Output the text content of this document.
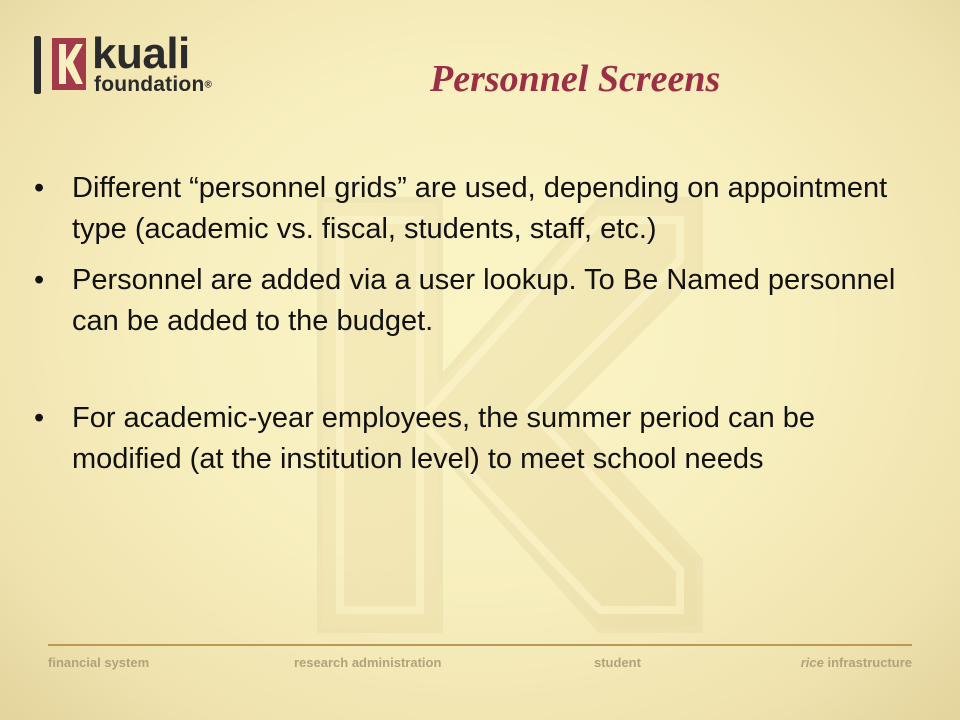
kuali
foundation®	Personnel Screens
• Different “personnel grids” are used, depending on appointment type (academic vs. fiscal, students, staff, etc.)
• Personnel are added via a user lookup. To Be Named personnel can be added to the budget.
• For academic-year employees, the summer period can be modified (at the institution level) to meet school needs
financial system	research administration	student	rice infrastructure
